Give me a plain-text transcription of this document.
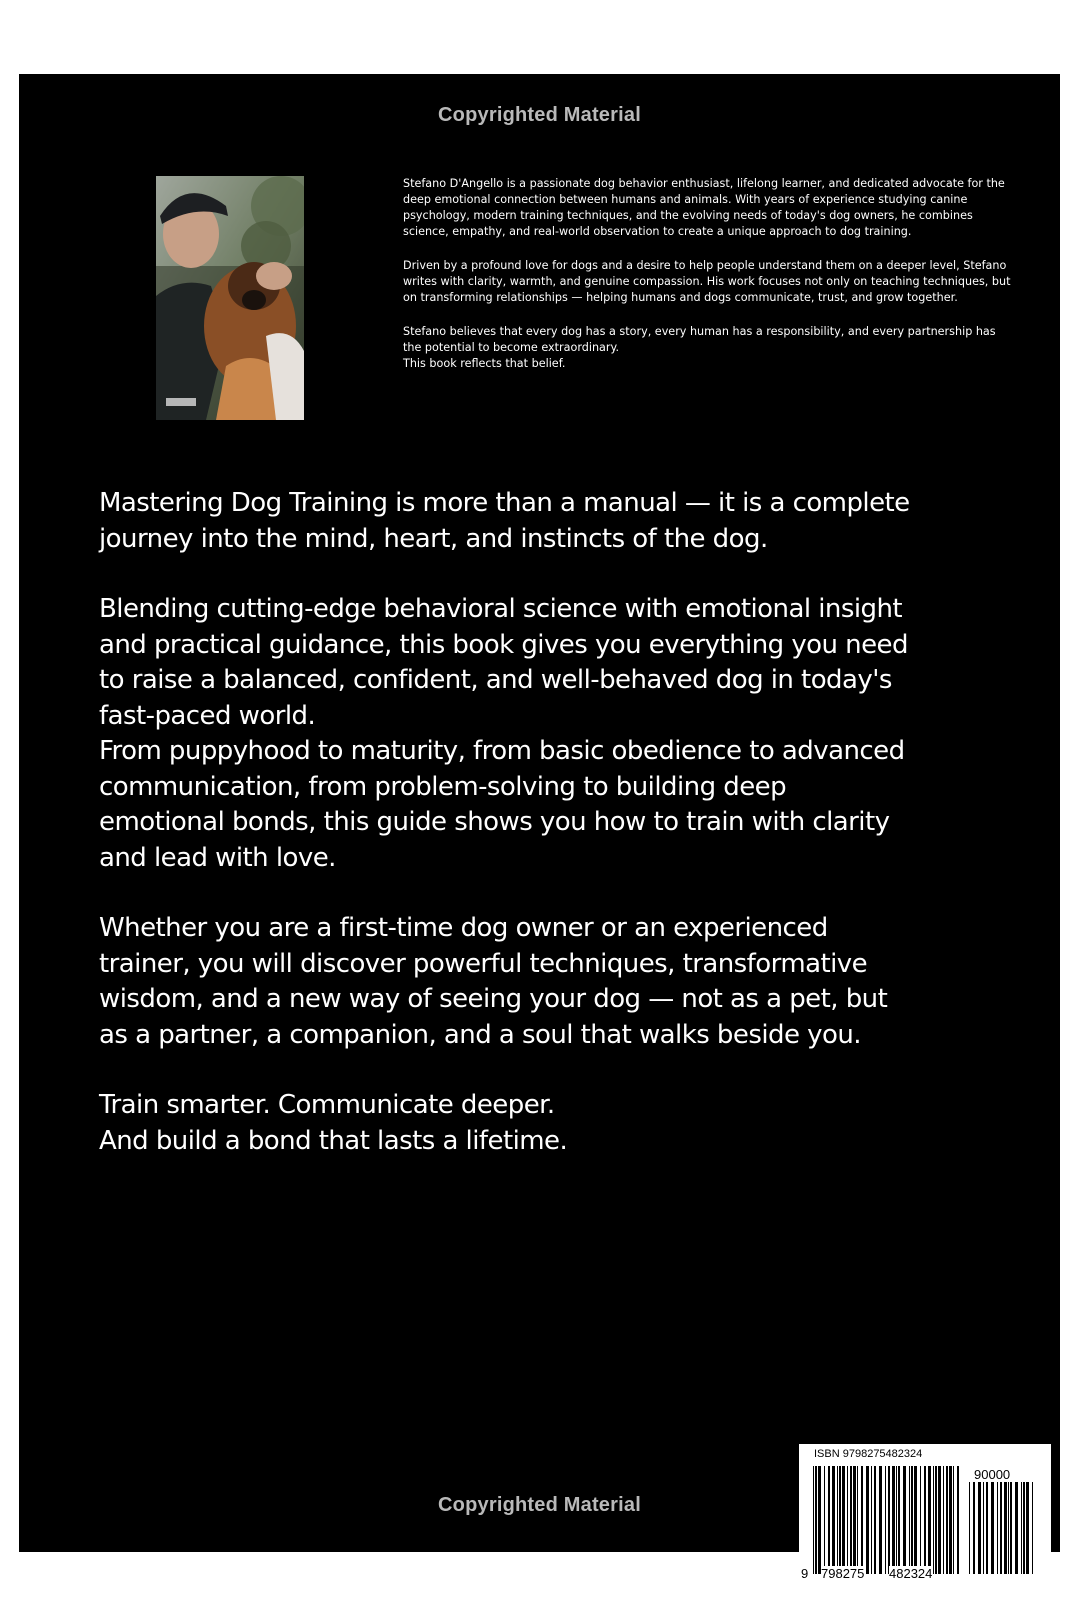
Copyrighted Material

Stefano D'Angello is a passionate dog behavior enthusiast, lifelong learner, and dedicated advocate for the deep emotional connection between humans and animals. With years of experience studying canine psychology, modern training techniques, and the evolving needs of today's dog owners, he combines science, empathy, and real-world observation to create a unique approach to dog training.

Driven by a profound love for dogs and a desire to help people understand them on a deeper level, Stefano writes with clarity, warmth, and genuine compassion. His work focuses not only on teaching techniques, but on transforming relationships — helping humans and dogs communicate, trust, and grow together.

Stefano believes that every dog has a story, every human has a responsibility, and every partnership has the potential to become extraordinary.
This book reflects that belief.

Mastering Dog Training is more than a manual — it is a complete
journey into the mind, heart, and instincts of the dog.

Blending cutting-edge behavioral science with emotional insight
and practical guidance, this book gives you everything you need
to raise a balanced, confident, and well-behaved dog in today's
fast-paced world.
From puppyhood to maturity, from basic obedience to advanced
communication, from problem-solving to building deep
emotional bonds, this guide shows you how to train with clarity
and lead with love.

Whether you are a first-time dog owner or an experienced
trainer, you will discover powerful techniques, transformative
wisdom, and a new way of seeing your dog — not as a pet, but
as a partner, a companion, and a soul that walks beside you.

Train smarter. Communicate deeper.
And build a bond that lasts a lifetime.

Copyrighted Material
ISBN 9798275482324
90000
9 798275 482324
